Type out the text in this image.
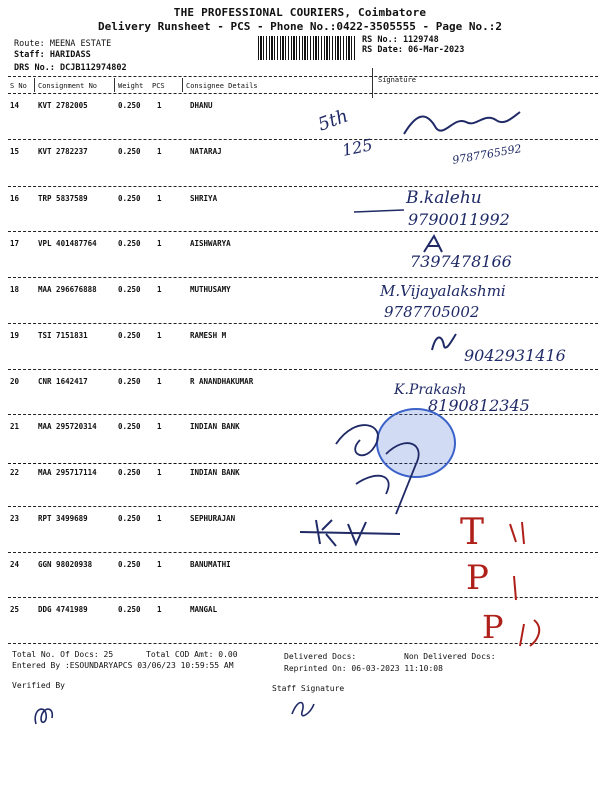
THE PROFESSIONAL COURIERS, Coimbatore
Delivery Runsheet - PCS - Phone No.:0422-3505555 - Page No.:2
Route: MEENA ESTATE
Staff: HARIDASS
DRS No.: DCJB112974802
RS No.: 1129748
RS Date: 06-Mar-2023
S No Consignment No	Weight PCS	Consignee Details
Signature
14	KVT 2782005	0.250 1	DHANU
15	KVT 2782237	0.250 1	NATARAJ
16	TRP 5837589	0.250 1	SHRIYA
17	VPL 401487764	0.250 1	AISHWARYA
18	MAA 296676888	0.250 1	MUTHUSAMY
19	TSI 7151831	0.250 1	RAMESH M
20	CNR 1642417	0.250 1	R ANANDHAKUMAR
21	MAA 295720314	0.250 1	INDIAN BANK
22	MAA 295717114	0.250 1	INDIAN BANK
23	RPT 3499689	0.250 1	SEPHURAJAN
24	GGN 98020938	0.250 1	BANUMATHI
25	DDG 4741989	0.250 1	MANGAL
5th
125	9787765592
B.kalehu
9790011992
7397478166
M.Vijayalakshmi
9787705002
9042931416
K.Prakash
8190812345
T
P
P
Total No. Of Docs: 25	Total COD Amt: 0.00	Delivered Docs:	Non Delivered Docs:
Entered By :ESOUNDARYAPCS 03/06/23 10:59:55 AM	Reprinted On: 06-03-2023 11:10:08
Verified By	Staff Signature
